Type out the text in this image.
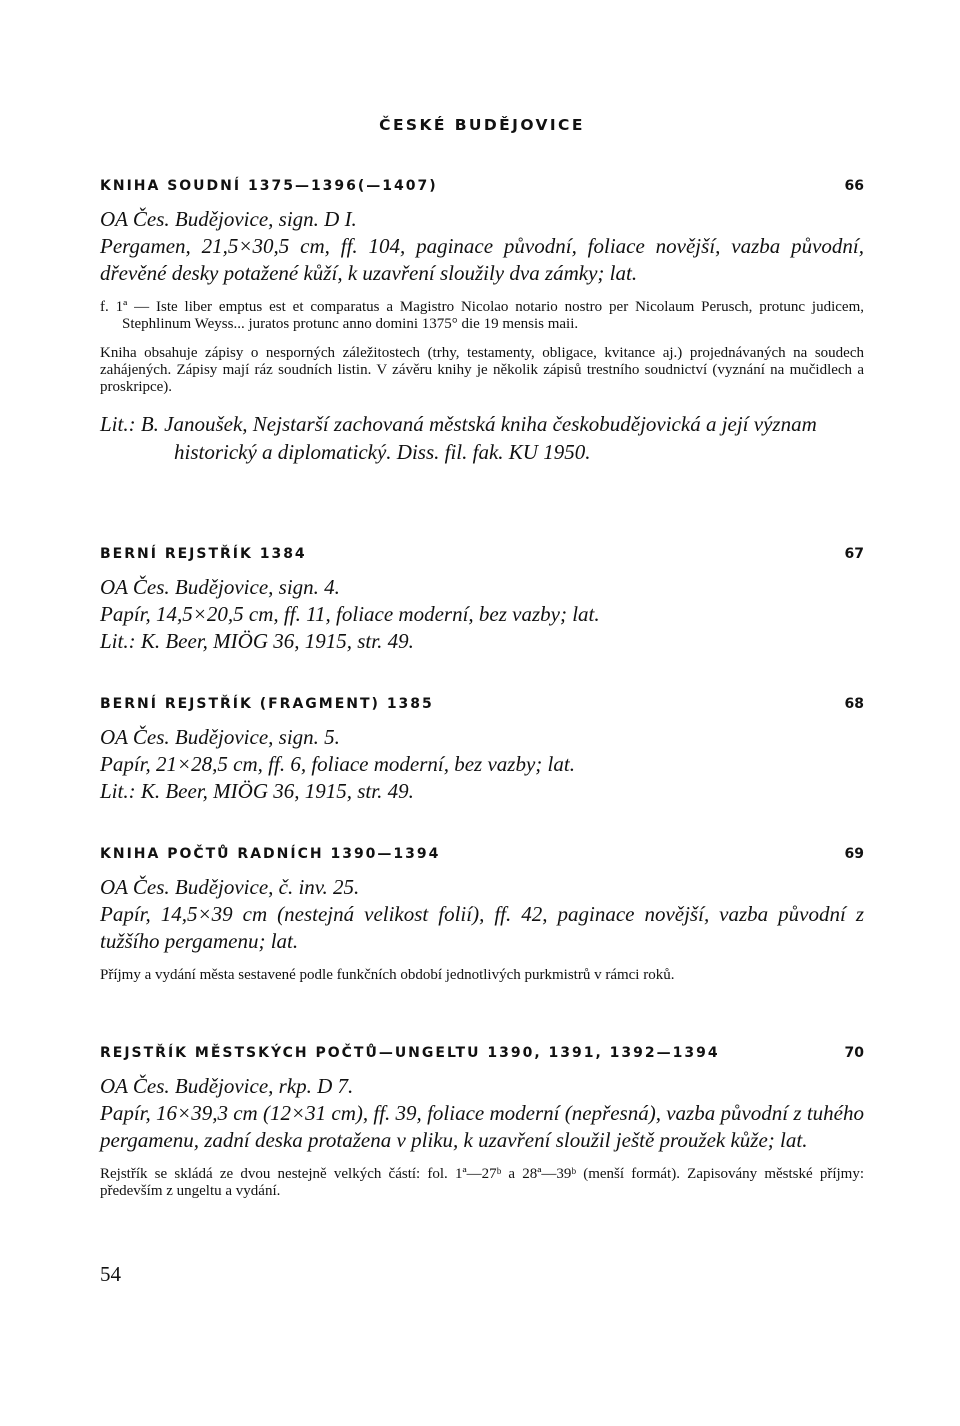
ČESKÉ BUDĚJOVICE
KNIHA SOUDNÍ 1375—1396(—1407)	66

OA Čes. Budějovice, sign. D I.

Pergamen, 21,5×30,5 cm, ff. 104, paginace původní, foliace novější, vazba původní, dřevěné desky potažené kůží, k uzavření sloužily dva zámky; lat.

f. 1ª — Iste liber emptus est et comparatus a Magistro Nicolao notario nostro per Nicolaum Perusch, protunc judicem, Stephlinum Weyss... juratos protunc anno domini 1375° die 19 mensis maii.

Kniha obsahuje zápisy o nesporných záležitostech (trhy, testamenty, obligace, kvitance aj.) projednávaných na soudech zahájených. Zápisy mají ráz soudních listin. V závěru knihy je několik zápisů trestního soudnictví (vyznání na mučidlech a proskripce).

Lit.: B. Janoušek, Nejstarší zachovaná městská kniha českobudějovická a její význam historický a diplomatický. Diss. fil. fak. KU 1950.

BERNÍ REJSTŘÍK 1384	67

OA Čes. Budějovice, sign. 4.

Papír, 14,5×20,5 cm, ff. 11, foliace moderní, bez vazby; lat.

Lit.: K. Beer, MIÖG 36, 1915, str. 49.

BERNÍ REJSTŘÍK (FRAGMENT) 1385	68

OA Čes. Budějovice, sign. 5.

Papír, 21×28,5 cm, ff. 6, foliace moderní, bez vazby; lat.

Lit.: K. Beer, MIÖG 36, 1915, str. 49.

KNIHA POČTŮ RADNÍCH 1390—1394	69

OA Čes. Budějovice, č. inv. 25.

Papír, 14,5×39 cm (nestejná velikost folií), ff. 42, paginace novější, vazba původní z tužšího pergamenu; lat.

Příjmy a vydání města sestavené podle funkčních období jednotlivých purkmistrů v rámci roků.

REJSTŘÍK MĚSTSKÝCH POČTŮ—UNGELTU 1390, 1391, 1392—1394	70

OA Čes. Budějovice, rkp. D 7.

Papír, 16×39,3 cm (12×31 cm), ff. 39, foliace moderní (nepřesná), vazba původní z tuhého pergamenu, zadní deska protažena v pliku, k uzavření sloužil ještě proužek kůže; lat.

Rejstřík se skládá ze dvou nestejně velkých částí: fol. 1ª—27ᵇ a 28ª—39ᵇ (menší formát). Zapisovány městské příjmy: především z ungeltu a vydání.

54
